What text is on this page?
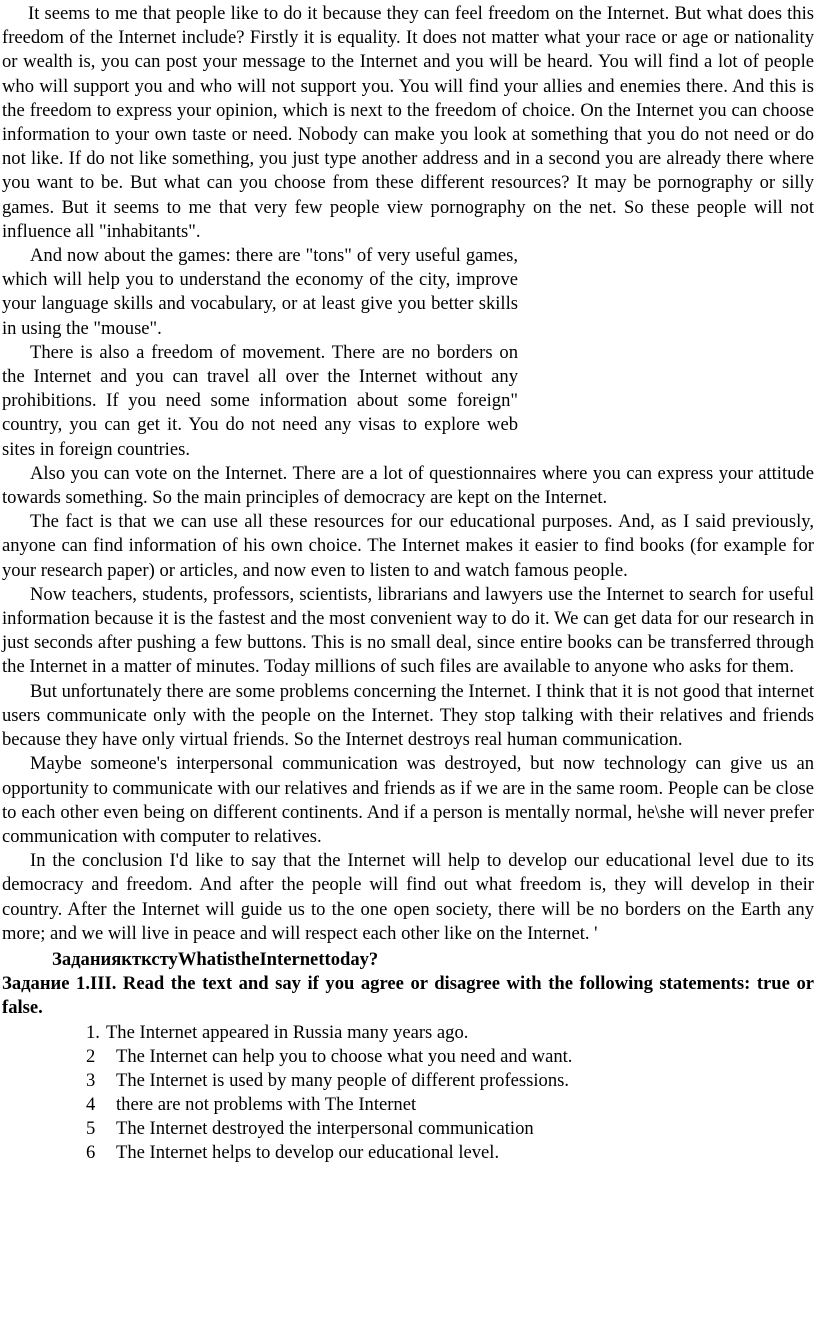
It seems to me that people like to do it because they can feel freedom on the Internet. But what does this freedom of the Internet include? Firstly it is equality. It does not matter what your race or age or nationality or wealth is, you can post your message to the Internet and you will be heard. You will find a lot of people who will support you and who will not support you. You will find your allies and enemies there. And this is the freedom to express your opinion, which is next to the freedom of choice. On the Internet you can choose information to your own taste or need. Nobody can make you look at something that you do not need or do not like. If do not like something, you just type another address and in a second you are already there where you want to be. But what can you choose from these different resources? It may be pornography or silly games. But it seems to me that very few people view pornography on the net. So these people will not influence all "inhabitants".

And now about the games: there are "tons" of very useful games, which will help you to understand the economy of the city, improve your language skills and vocabulary, or at least give you better skills in using the "mouse".

There is also a freedom of movement. There are no borders on the Internet and you can travel all over the Internet without any prohibitions. If you need some information about some foreign" country, you can get it. You do not need any visas to explore web sites in foreign countries.

Also you can vote on the Internet. There are a lot of questionnaires where you can express your attitude towards something. So the main principles of democracy are kept on the Internet.

The fact is that we can use all these resources for our educational purposes. And, as I said previously, anyone can find information of his own choice. The Internet makes it easier to find books (for example for your research paper) or articles, and now even to listen to and watch famous people.

Now teachers, students, professors, scientists, librarians and lawyers use the Internet to search for useful information because it is the fastest and the most convenient way to do it. We can get data for our research in just seconds after pushing a few buttons. This is no small deal, since entire books can be transferred through the Internet in a matter of minutes. Today millions of such files are available to anyone who asks for them.

But unfortunately there are some problems concerning the Internet. I think that it is not good that internet users communicate only with the people on the Internet. They stop talking with their relatives and friends because they have only virtual friends. So the Internet destroys real human communication.

Maybe someone's interpersonal communication was destroyed, but now technology can give us an opportunity to communicate with our relatives and friends as if we are in the same room. People can be close to each other even being on different continents. And if a person is mentally normal, he\she will never prefer communication with computer to relatives.

In the conclusion I'd like to say that the Internet will help to develop our educational level due to its democracy and freedom. And after the people will find out what freedom is, they will develop in their country. After the Internet will guide us to the one open society, there will be no borders on the Earth any more; and we will live in peace and will respect each other like on the Internet. '

ЗаданиякткстуWhatistheInternettoday?
Задание 1.III. Read the text and say if you agree or disagree with the following statements: true or false.
1. The Internet appeared in Russia many years ago.
2	The Internet can help you to choose what you need and want.
3	The Internet is used by many people of different professions.
4	there are not problems with The Internet
5	The Internet destroyed the interpersonal communication
6	The Internet helps to develop our educational level.
